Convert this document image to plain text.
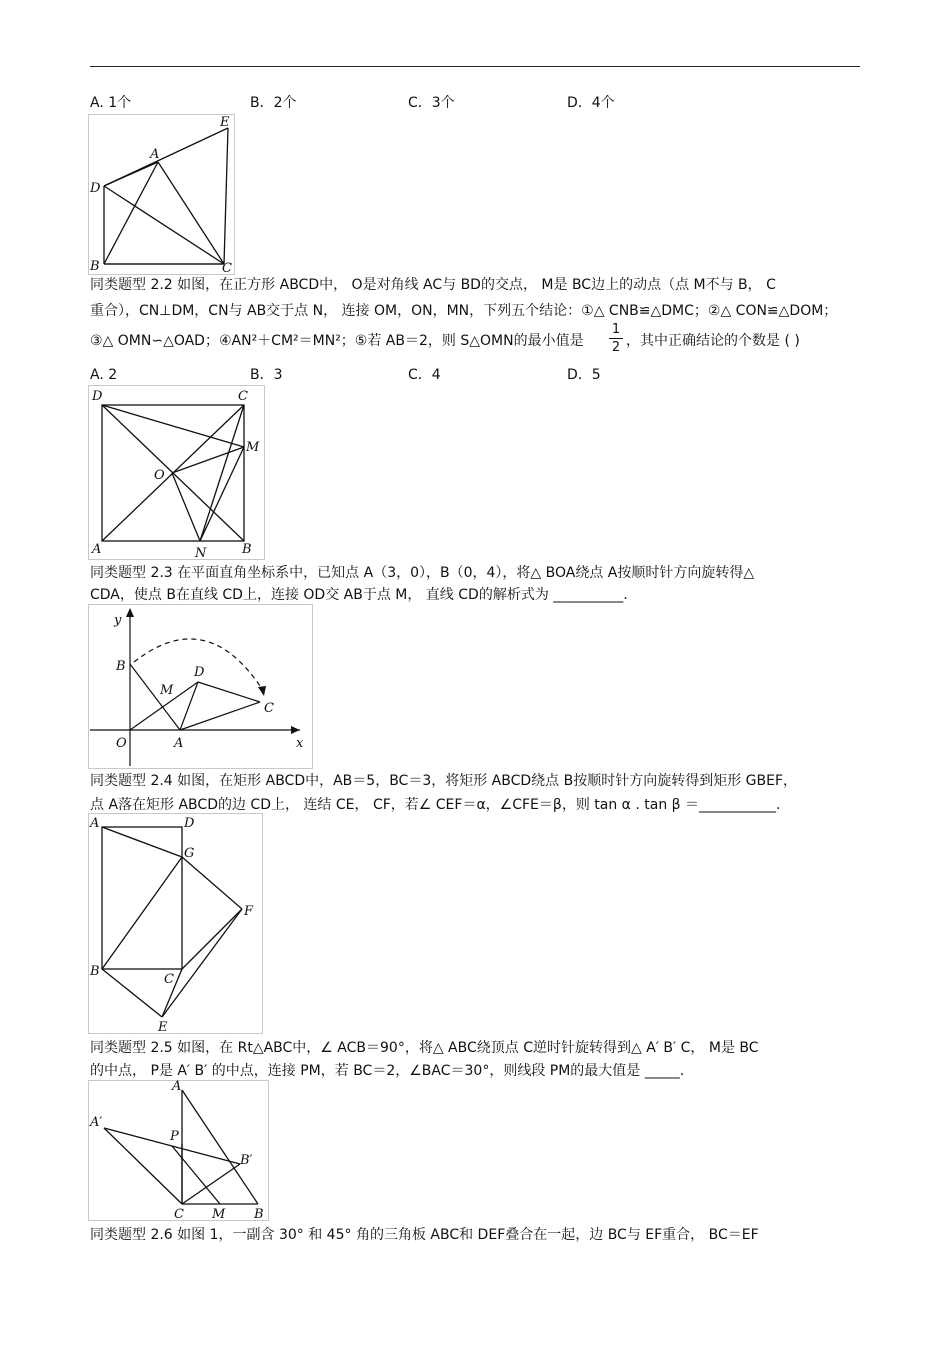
A. 1个	B．2个	C．3个	D．4个
E
A
D
B	C
同类题型 2.2 如图，在正方形 ABCD中， O是对角线 AC与 BD的交点， M是 BC边上的动点（点 M不与 B， C
重合），CN⊥DM，CN与 AB交于点 N， 连接 OM，ON，MN，下列五个结论：①△ CNB≌△DMC；②△ CON≌△DOM；
③△ OMN∽△OAD；④AN²＋CM²＝MN²；⑤若 AB＝2，则 S△OMN的最小值是
1
2 ，其中正确结论的个数是 ( )
A. 2	B．3	C．4	D．5
D	C
M
O
A	N	B
同类题型 2.3 在平面直角坐标系中，已知点 A（3，0），B（0，4），将△ BOA绕点 A按顺时针方向旋转得△
CDA，使点 B在直线 CD上，连接 OD交 AB于点 M， 直线 CD的解析式为 __________.
y
B	D
M
C
O	A	x
同类题型 2.4 如图，在矩形 ABCD中，AB＝5，BC＝3，将矩形 ABCD绕点 B按顺时针方向旋转得到矩形 GBEF，
点 A落在矩形 ABCD的边 CD上， 连结 CE， CF，若∠ CEF＝α，∠CFE＝β，则 tan α . tan β ＝___________.
A	D
G
F
B
C
E
同类题型 2.5 如图，在 Rt△ABC中，∠ ACB＝90°，将△ ABC绕顶点 C逆时针旋转得到△ A′ B′ C， M是 BC
的中点， P是 A′ B′ 的中点，连接 PM，若 BC＝2，∠BAC＝30°，则线段 PM的最大值是 _____.
A
A′
P
B′
C M B
同类题型 2.6 如图 1，一副含 30° 和 45° 角的三角板 ABC和 DEF叠合在一起，边 BC与 EF重合， BC＝EF
